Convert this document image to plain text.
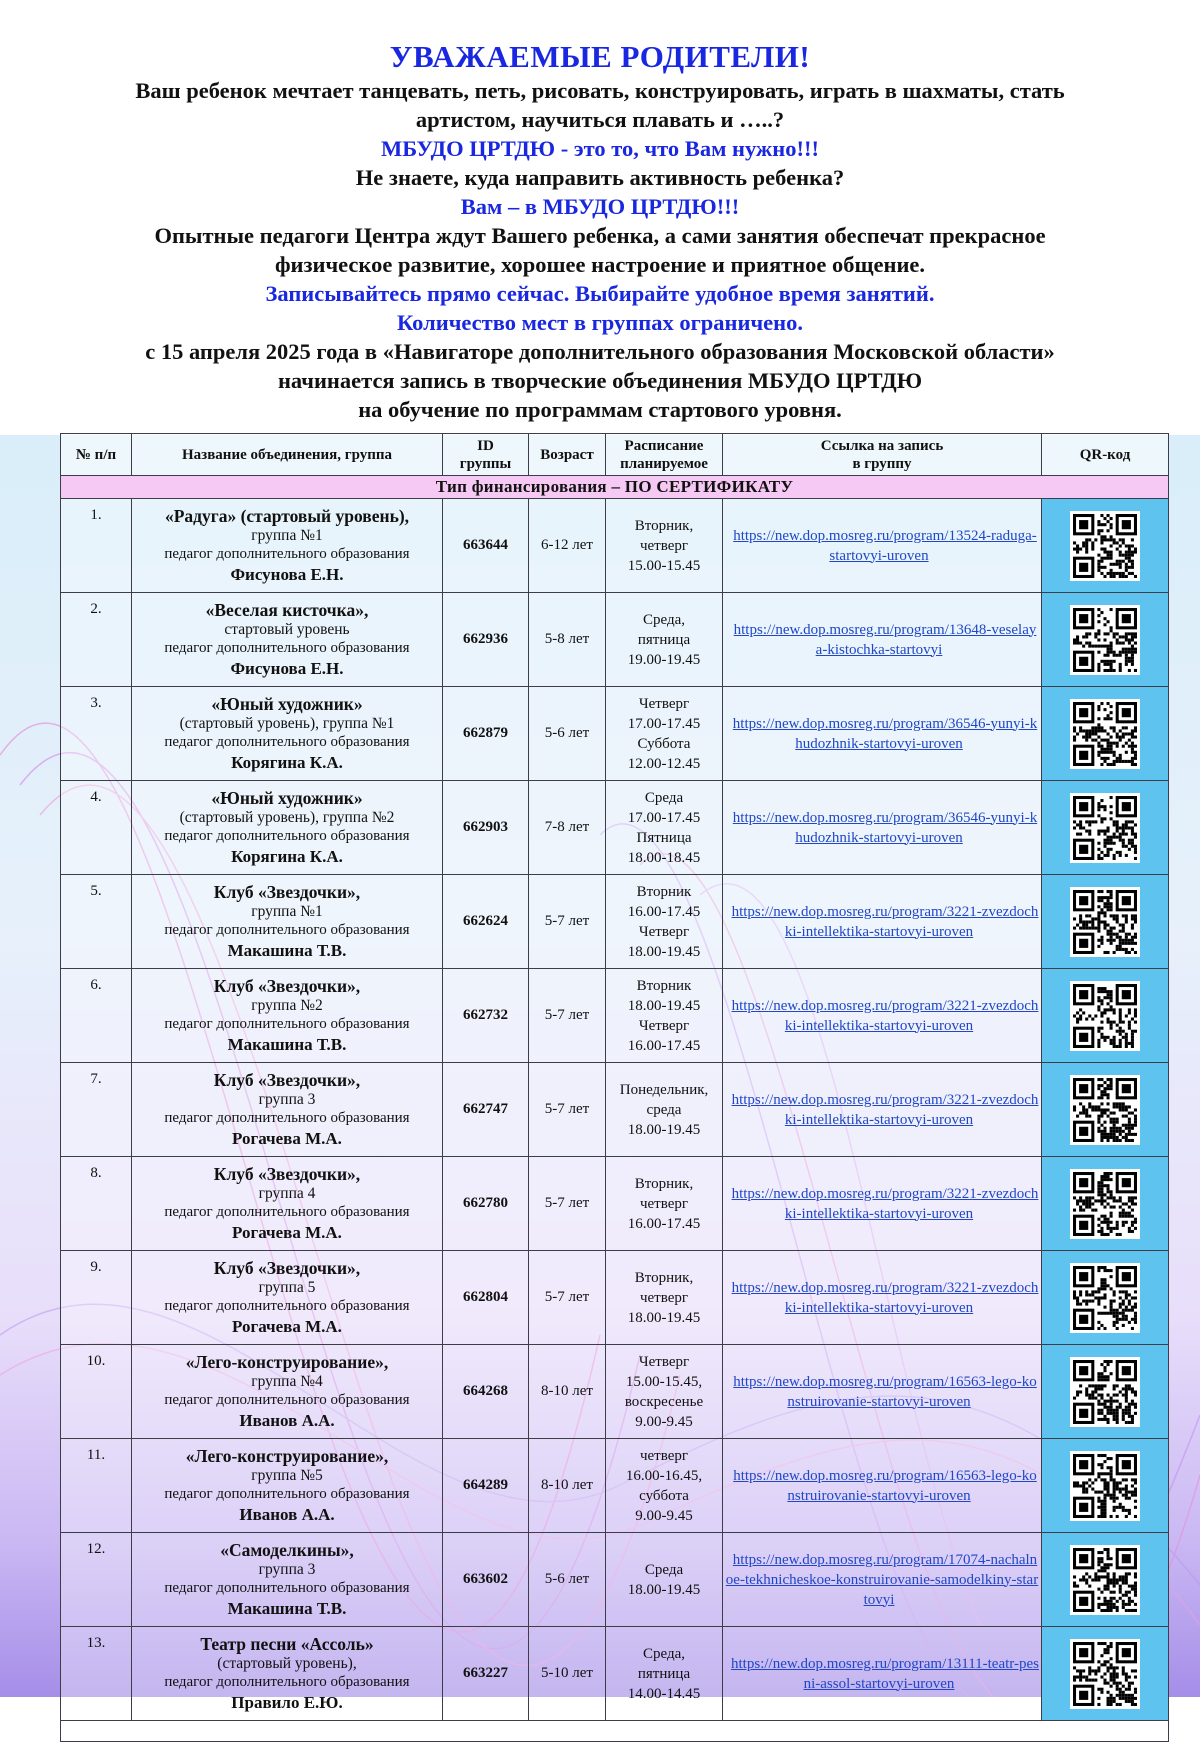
УВАЖАЕМЫЕ РОДИТЕЛИ!
Ваш ребенок мечтает танцевать, петь, рисовать, конструировать, играть в шахматы, стать
артистом, научиться плавать и …..?
МБУДО ЦРТДЮ - это то, что Вам нужно!!!
Не знаете, куда направить активность ребенка?
Вам – в МБУДО ЦРТДЮ!!!
Опытные педагоги Центра ждут Вашего ребенка, а сами занятия обеспечат прекрасное
физическое развитие, хорошее настроение и приятное общение.
Записывайтесь прямо сейчас. Выбирайте удобное время занятий.
Количество мест в группах ограничено.
с 15 апреля 2025 года в «Навигаторе дополнительного образования Московской области»
начинается запись в творческие объединения МБУДО ЦРТДЮ
на обучение по программам стартового уровня.
№ п/п	Название объединения, группа	ID
группы	Возраст	Расписание
планируемое	Ссылка на запись
в группу	QR-код
Тип финансирования – ПО СЕРТИФИКАТУ						

1.	«Радуга» (стартовый уровень),
группа №1
педагог дополнительного образования
Фисунова Е.Н.	663644	6-12 лет	Вторник,
четверг
15.00-15.45	https://new.dop.mosreg.ru/program/13524-raduga-startovyi-uroven	

2.	«Веселая кисточка»,
стартовый уровень
педагог дополнительного образования
Фисунова Е.Н.	662936	5-8 лет	Среда,
пятница
19.00-19.45	https://new.dop.mosreg.ru/program/13648-veselaya-kistochka-startovyi	

3.	«Юный художник»
(стартовый уровень), группа №1
педагог дополнительного образования
Корягина К.А.	662879	5-6 лет	Четверг
17.00-17.45
Суббота
12.00-12.45	https://new.dop.mosreg.ru/program/36546-yunyi-khudozhnik-startovyi-uroven	

4.	«Юный художник»
(стартовый уровень), группа №2
педагог дополнительного образования
Корягина К.А.	662903	7-8 лет	Среда
17.00-17.45
Пятница
18.00-18.45	https://new.dop.mosreg.ru/program/36546-yunyi-khudozhnik-startovyi-uroven	

5.	Клуб «Звездочки»,
группа №1
педагог дополнительного образования
Макашина Т.В.	662624	5-7 лет	Вторник
16.00-17.45
Четверг
18.00-19.45	https://new.dop.mosreg.ru/program/3221-zvezdochki-intellektika-startovyi-uroven	

6.	Клуб «Звездочки»,
группа №2
педагог дополнительного образования
Макашина Т.В.	662732	5-7 лет	Вторник
18.00-19.45
Четверг
16.00-17.45	https://new.dop.mosreg.ru/program/3221-zvezdochki-intellektika-startovyi-uroven	

7.	Клуб «Звездочки»,
группа 3
педагог дополнительного образования
Рогачева М.А.	662747	5-7 лет	Понедельник,
среда
18.00-19.45	https://new.dop.mosreg.ru/program/3221-zvezdochki-intellektika-startovyi-uroven	

8.	Клуб «Звездочки»,
группа 4
педагог дополнительного образования
Рогачева М.А.	662780	5-7 лет	Вторник,
четверг
16.00-17.45	https://new.dop.mosreg.ru/program/3221-zvezdochki-intellektika-startovyi-uroven	

9.	Клуб «Звездочки»,
группа 5
педагог дополнительного образования
Рогачева М.А.	662804	5-7 лет	Вторник,
четверг
18.00-19.45	https://new.dop.mosreg.ru/program/3221-zvezdochki-intellektika-startovyi-uroven	

10.	«Лего-конструирование»,
группа №4
педагог дополнительного образования
Иванов А.А.	664268	8-10 лет	Четверг
15.00-15.45,
воскресенье
9.00-9.45	https://new.dop.mosreg.ru/program/16563-lego-konstruirovanie-startovyi-uroven	

11.	«Лего-конструирование»,
группа №5
педагог дополнительного образования
Иванов А.А.	664289	8-10 лет	четверг
16.00-16.45,
суббота
9.00-9.45	https://new.dop.mosreg.ru/program/16563-lego-konstruirovanie-startovyi-uroven	

12.	«Самоделкины»,
группа 3
педагог дополнительного образования
Макашина Т.В.	663602	5-6 лет	Среда
18.00-19.45	https://new.dop.mosreg.ru/program/17074-nachalnoe-tekhnicheskoe-konstruirovanie-samodelkiny-startovyi	

13.	Театр песни «Ассоль»
(стартовый уровень),
педагог дополнительного образования
Правило Е.Ю.	663227	5-10 лет	Среда,
пятница
14.00-14.45	https://new.dop.mosreg.ru/program/13111-teatr-pesni-assol-startovyi-uroven	
